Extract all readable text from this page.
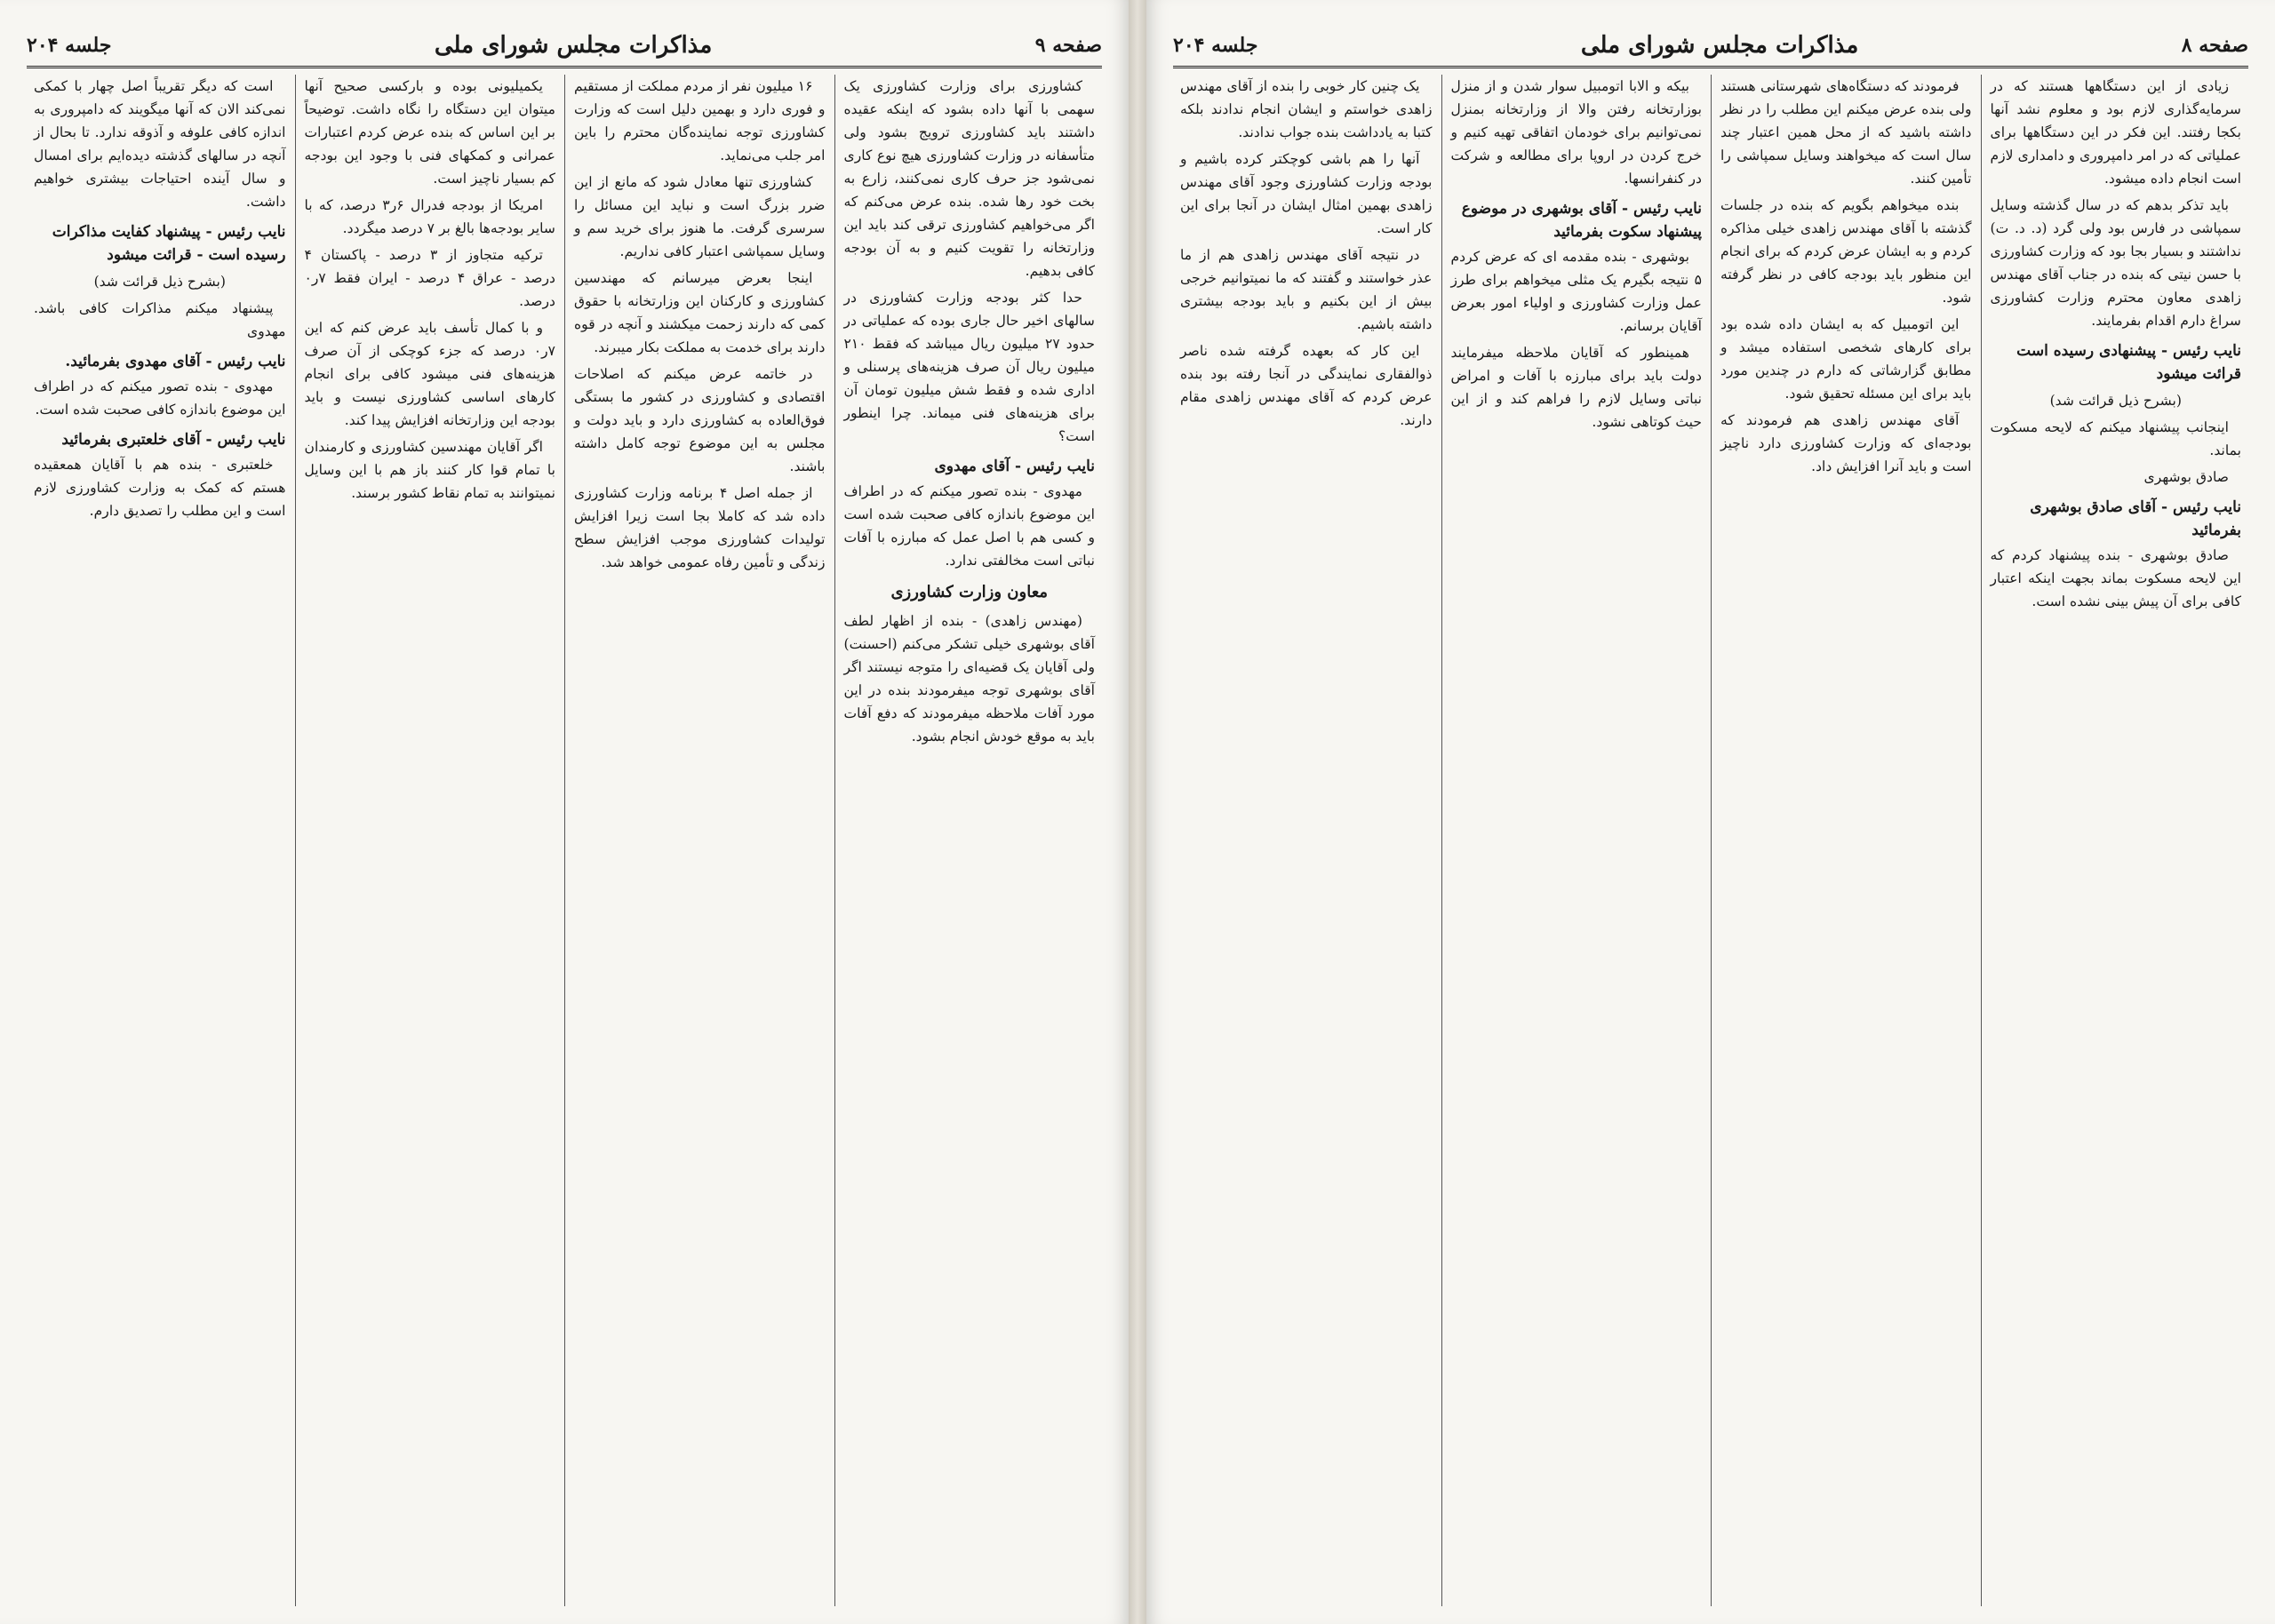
صفحه ۹
مذاکرات مجلس شورای ملی
جلسه ۲۰۴

کشاورزی برای وزارت کشاورزی یک سهمی با آنها داده بشود که اینکه عقیده داشتند باید کشاورزی ترویج بشود ولی متأسفانه در وزارت کشاورزی هیچ نوع کاری نمی‌شود جز حرف کاری نمی‌کنند، زارع به بخت خود رها شده. بنده عرض می‌کنم که اگر می‌خواهیم کشاورزی ترقی کند باید این وزارتخانه را تقویت کنیم و به آن بودجه کافی بدهیم.

حدا کثر بودجه وزارت کشاورزی در سالهای اخیر حال جاری بوده که عملیاتی در حدود ۲۷ میلیون ریال میباشد که فقط ۲۱۰ میلیون ریال آن صرف هزینه‌های پرسنلی و اداری شده و فقط شش میلیون تومان آن برای هزینه‌های فنی میماند. چرا اینطور است؟

نایب رئیس - آقای مهدوی

مهدوی - بنده تصور میکنم که در اطراف این موضوع باندازه کافی صحبت شده است و کسی هم با اصل عمل که مبارزه با آفات نباتی است مخالفتی ندارد.

معاون وزارت کشاورزی

(مهندس زاهدی) - بنده از اظهار لطف آقای بوشهری خیلی تشکر می‌کنم (احسنت) ولی آقایان یک قضیه‌ای را متوجه نیستند اگر آقای بوشهری توجه میفرمودند بنده در این مورد آفات ملاحظه میفرمودند که دفع آفات باید به موقع خودش انجام بشود.

۱۶ میلیون نفر از مردم مملکت از مستقیم و فوری دارد و بهمین دلیل است که وزارت کشاورزی توجه نماینده‌گان محترم را باین امر جلب می‌نماید.

کشاورزی تنها معادل شود که مانع از این ضرر بزرگ است و نباید این مسائل را سرسری گرفت. ما هنوز برای خرید سم و وسایل سمپاشی اعتبار کافی نداریم.

اینجا بعرض میرسانم که مهندسین کشاورزی و کارکنان این وزارتخانه با حقوق کمی که دارند زحمت میکشند و آنچه در قوه دارند برای خدمت به مملکت بکار میبرند.

در خاتمه عرض میکنم که اصلاحات اقتصادی و کشاورزی در کشور ما بستگی فوق‌العاده به کشاورزی دارد و باید دولت و مجلس به این موضوع توجه کامل داشته باشند.

از جمله اصل ۴ برنامه وزارت کشاورزی داده شد که کاملا بجا است زیرا افزایش تولیدات کشاورزی موجب افزایش سطح زندگی و تأمین رفاه عمومی خواهد شد.

یکمیلیونی بوده و بارکسی صحیح آنها میتوان این دستگاه را نگاه داشت. توضیحاً بر این اساس که بنده عرض کردم اعتبارات عمرانی و کمکهای فنی با وجود این بودجه کم بسیار ناچیز است.

امریکا از بودجه فدرال ۶ر۳ درصد، که با سایر بودجه‌ها بالغ بر ۷ درصد میگردد.

ترکیه متجاوز از ۳ درصد - پاکستان ۴ درصد - عراق ۴ درصد - ایران فقط ۷ر۰ درصد.

و با کمال تأسف باید عرض کنم که این ۷ر۰ درصد که جزء کوچکی از آن صرف هزینه‌های فنی میشود کافی برای انجام کارهای اساسی کشاورزی نیست و باید بودجه این وزارتخانه افزایش پیدا کند.

اگر آقایان مهندسین کشاورزی و کارمندان با تمام قوا کار کنند باز هم با این وسایل نمیتوانند به تمام نقاط کشور برسند.

است که دیگر تقریباً اصل چهار با کمکی نمی‌کند الان که آنها میگویند که دامپروری به اندازه کافی علوفه و آذوقه ندارد. تا بحال از آنچه در سالهای گذشته دیده‌ایم برای امسال و سال آینده احتیاجات بیشتری خواهیم داشت.

نایب رئیس - پیشنهاد کفایت مذاکرات رسیده است - قرائت میشود
(بشرح ذیل قرائت شد)

پیشنهاد میکنم مذاکرات کافی باشد. مهدوی

نایب رئیس - آقای مهدوی بفرمائید.

مهدوی - بنده تصور میکنم که در اطراف این موضوع باندازه کافی صحبت شده است.

نایب رئیس - آقای خلعتبری بفرمائید

خلعتبری - بنده هم با آقایان همعقیده هستم که کمک به وزارت کشاورزی لازم است و این مطلب را تصدیق دارم.

صفحه ۸
مذاکرات مجلس شورای ملی
جلسه ۲۰۴

زیادی از این دستگاهها هستند که در سرمایه‌گذاری لازم بود و معلوم نشد آنها بکجا رفتند. این فکر در این دستگاهها برای عملیاتی که در امر دامپروری و دامداری لازم است انجام داده میشود.

باید تذکر بدهم که در سال گذشته وسایل سمپاشی در فارس بود ولی گرد (د. د. ت) نداشتند و بسیار بجا بود که وزارت کشاورزی با حسن نیتی که بنده در جناب آقای مهندس زاهدی معاون محترم وزارت کشاورزی سراغ دارم اقدام بفرمایند.

نایب رئیس - پیشنهادی رسیده است قرائت میشود
(بشرح ذیل قرائت شد)

اینجانب پیشنهاد میکنم که لایحه مسکوت بماند.

صادق بوشهری

نایب رئیس - آقای صادق بوشهری بفرمائید

صادق بوشهری - بنده پیشنهاد کردم که این لایحه مسکوت بماند بجهت اینکه اعتبار کافی برای آن پیش بینی نشده است.

فرمودند که دستگاه‌های شهرستانی هستند ولی بنده عرض میکنم این مطلب را در نظر داشته باشید که از محل همین اعتبار چند سال است که میخواهند وسایل سمپاشی را تأمین کنند.

بنده میخواهم بگویم که بنده در جلسات گذشته با آقای مهندس زاهدی خیلی مذاکره کردم و به ایشان عرض کردم که برای انجام این منظور باید بودجه کافی در نظر گرفته شود.

این اتومبیل که به ایشان داده شده بود برای کارهای شخصی استفاده میشد و مطابق گزارشاتی که دارم در چندین مورد باید برای این مسئله تحقیق شود.

آقای مهندس زاهدی هم فرمودند که بودجه‌ای که وزارت کشاورزی دارد ناچیز است و باید آنرا افزایش داد.

بیکه و الابا اتومبیل سوار شدن و از منزل بوزارتخانه رفتن والا از وزارتخانه بمنزل نمی‌توانیم برای خودمان اتفاقی تهیه کنیم و خرج کردن در اروپا برای مطالعه و شرکت در کنفرانسها.

نایب رئیس - آقای بوشهری در موضوع پیشنهاد سکوت بفرمائید

بوشهری - بنده مقدمه ای که عرض کردم ۵ نتیجه بگیرم یک مثلی میخواهم برای طرز عمل وزارت کشاورزی و اولیاء امور بعرض آقایان برسانم.

همینطور که آقایان ملاحظه میفرمایند دولت باید برای مبارزه با آفات و امراض نباتی وسایل لازم را فراهم کند و از این حیث کوتاهی نشود.

یک چنین کار خوبی را بنده از آقای مهندس زاهدی خواستم و ایشان انجام ندادند بلکه کتبا به یادداشت بنده جواب ندادند.

آنها را هم باشی کوچکتر کرده باشیم و بودجه وزارت کشاورزی وجود آقای مهندس زاهدی بهمین امثال ایشان در آنجا برای این کار است.

در نتیجه آقای مهندس زاهدی هم از ما عذر خواستند و گفتند که ما نمیتوانیم خرجی بیش از این بکنیم و باید بودجه بیشتری داشته باشیم.

این کار که بعهده گرفته شده ناصر ذوالفقاری نمایندگی در آنجا رفته بود بنده عرض کردم که آقای مهندس زاهدی مقام دارند.
